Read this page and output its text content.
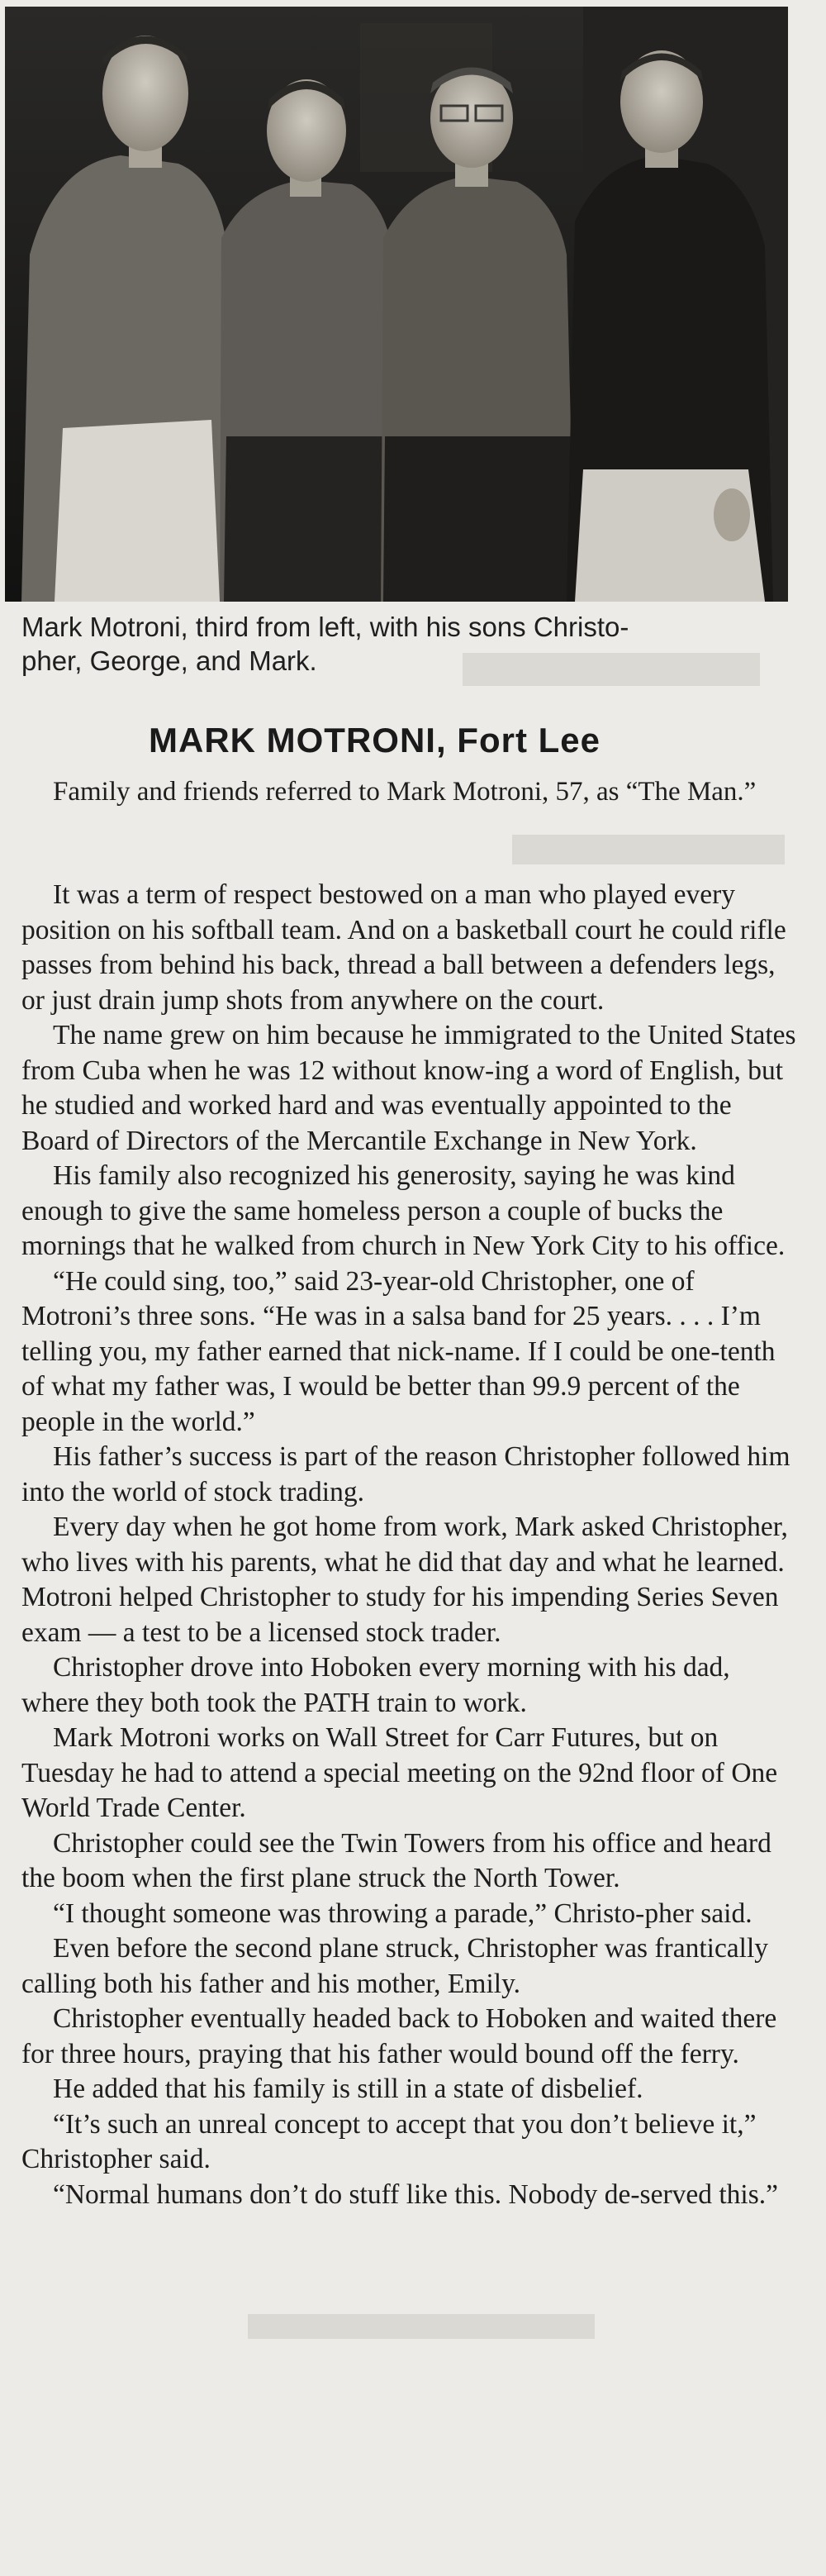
Mark Motroni, third from left, with his sons Christo-
pher, George, and Mark.
MARK MOTRONI, Fort Lee

Family and friends referred to Mark Motroni, 57, as “The Man.”

It was a term of respect bestowed on a man who played every position on his softball team. And on a basketball court he could rifle passes from behind his back, thread a ball between a defenders legs, or just drain jump shots from anywhere on the court.

The name grew on him because he immigrated to the United States from Cuba when he was 12 without know-ing a word of English, but he studied and worked hard and was eventually appointed to the Board of Directors of the Mercantile Exchange in New York.

His family also recognized his generosity, saying he was kind enough to give the same homeless person a couple of bucks the mornings that he walked from church in New York City to his office.

“He could sing, too,” said 23-year-old Christopher, one of Motroni’s three sons. “He was in a salsa band for 25 years. . . . I’m telling you, my father earned that nick-name. If I could be one-tenth of what my father was, I would be better than 99.9 percent of the people in the world.”

His father’s success is part of the reason Christopher followed him into the world of stock trading.

Every day when he got home from work, Mark asked Christopher, who lives with his parents, what he did that day and what he learned. Motroni helped Christopher to study for his impending Series Seven exam — a test to be a licensed stock trader.

Christopher drove into Hoboken every morning with his dad, where they both took the PATH train to work.

Mark Motroni works on Wall Street for Carr Futures, but on Tuesday he had to attend a special meeting on the 92nd floor of One World Trade Center.

Christopher could see the Twin Towers from his office and heard the boom when the first plane struck the North Tower.

“I thought someone was throwing a parade,” Christo-pher said.

Even before the second plane struck, Christopher was frantically calling both his father and his mother, Emily.

Christopher eventually headed back to Hoboken and waited there for three hours, praying that his father would bound off the ferry.

He added that his family is still in a state of disbelief.

“It’s such an unreal concept to accept that you don’t believe it,” Christopher said.

“Normal humans don’t do stuff like this. Nobody de-served this.”
